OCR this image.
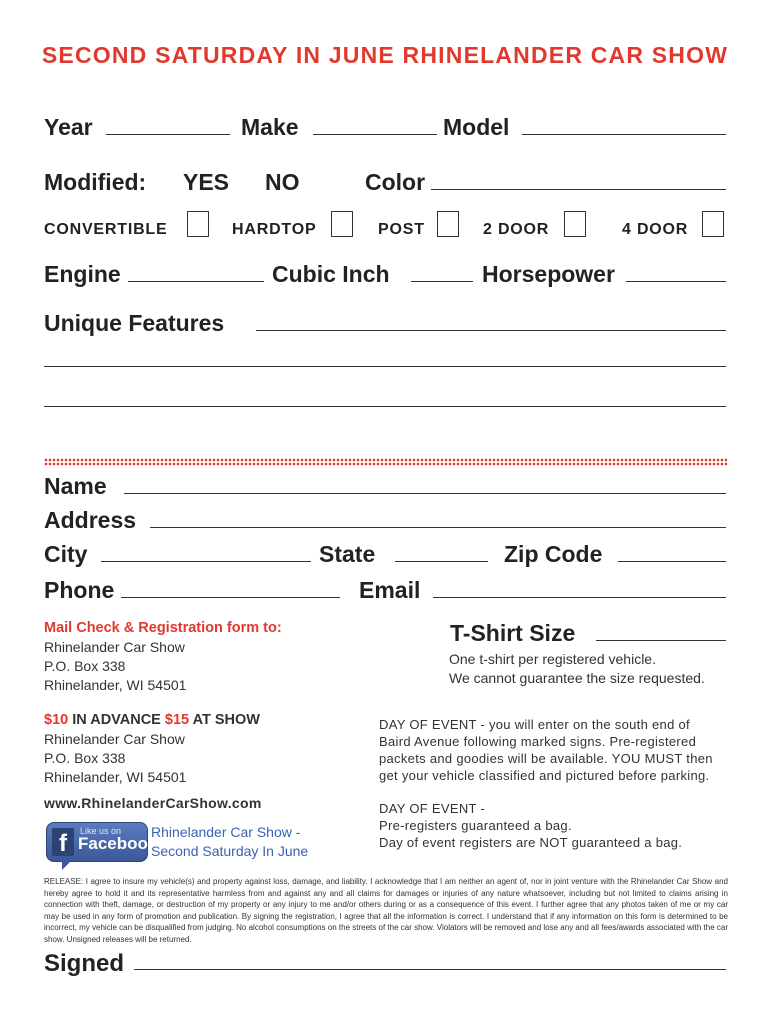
SECOND SATURDAY IN JUNE RHINELANDER CAR SHOW
Year	Make	Model
Modified: YES NO	Color
CONVERTIBLE	HARDTOP	POST	2 DOOR	4 DOOR
Engine	Cubic Inch	Horsepower
Unique Features
Name
Address
City	State	Zip Code
Phone	Email
Mail Check & Registration form to:
Rhinelander Car Show
P.O. Box 338
Rhinelander, WI 54501
$10 IN ADVANCE $15 AT SHOW
Rhinelander Car Show
P.O. Box 338
Rhinelander, WI 54501
www.RhinelanderCarShow.com
f	Like us on
Facebook
Rhinelander Car Show -
Second Saturday In June
T-Shirt Size
One t-shirt per registered vehicle.
We cannot guarantee the size requested.
DAY OF EVENT - you will enter on the south end of
Baird Avenue following marked signs. Pre-registered
packets and goodies will be available. YOU MUST then
get your vehicle classified and pictured before parking.
DAY OF EVENT -
Pre-registers guaranteed a bag.
Day of event registers are NOT guaranteed a bag.
RELEASE: I agree to insure my vehicle(s) and property against loss, damage, and liability. I acknowledge that I am neither an agent of, nor in joint venture with the Rhinelander Car Show and hereby agree to hold it and its representative harmless from and against any and all claims for damages or injuries of any nature whatsoever, including but not limited to claims arising in connection with theft, damage, or destruction of my property or any injury to me and/or others during or as a consequence of this event. I further agree that any photos taken of me or my car may be used in any form of promotion and publication. By signing the registration, I agree that all the information is correct. I understand that if any information on this form is determined to be incorrect, my vehicle can be disqualified from judging. No alcohol consumptions on the streets of the car show. Violators will be removed and lose any and all fees/awards associated with the car show. Unsigned releases will be returned.
Signed
